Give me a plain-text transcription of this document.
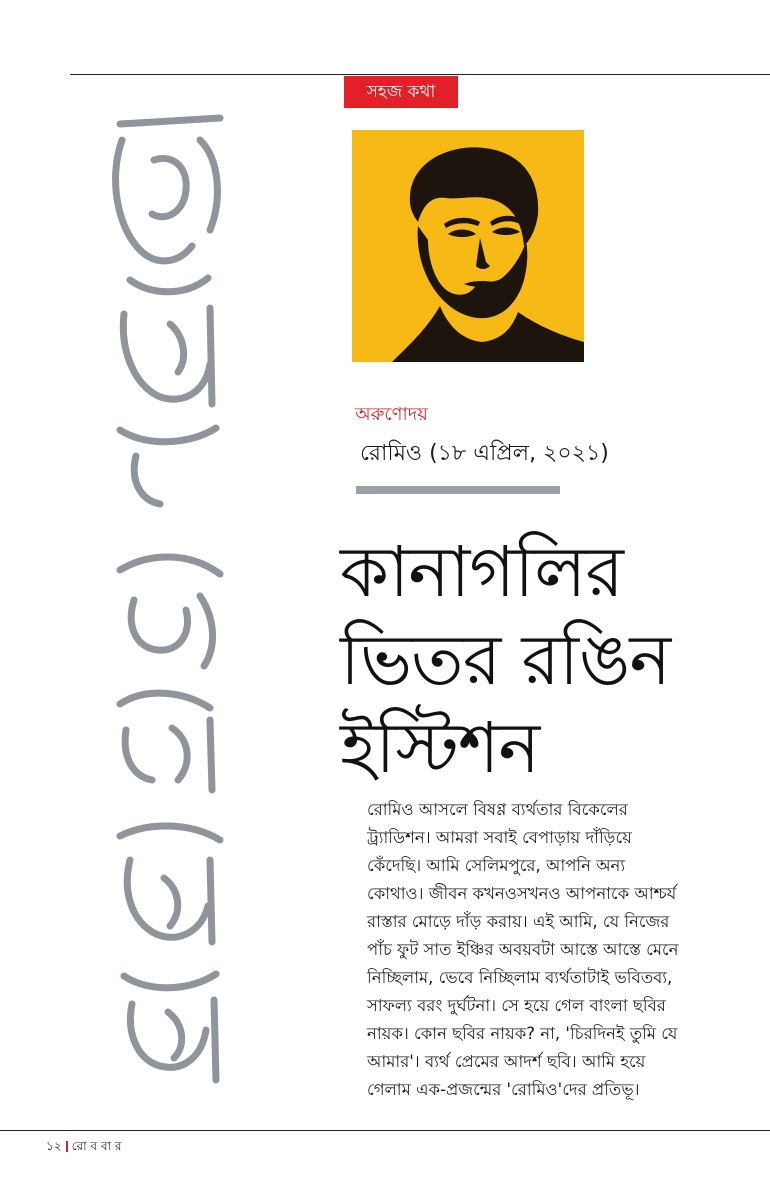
সহজ কথা
অরুণোদয়
রোমিও (১৮ এপ্রিল, ২০২১)
কানাগলির
ভিতর রঙিন
ইস্টিশন
রোমিও আসলে বিষণ্ণ ব্যর্থতার বিকেলের
ট্র্যাডিশন। আমরা সবাই বেপাড়ায় দাঁড়িয়ে
কেঁদেছি। আমি সেলিমপুরে, আপনি অন্য
কোথাও। জীবন কখনওসখনও আপনাকে আশ্চর্য
রাস্তার মোড়ে দাঁড় করায়। এই আমি, যে নিজের
পাঁচ ফুট সাত ইঞ্চির অবয়বটা আস্তে আস্তে মেনে
নিচ্ছিলাম, ভেবে নিচ্ছিলাম ব্যর্থতাটাই ভবিতব্য,
সাফল্য বরং দুর্ঘটনা। সে হয়ে গেল বাংলা ছবির
নায়ক। কোন ছবির নায়ক? না, 'চিরদিনই তুমি যে
আমার'। ব্যর্থ প্রেমের আদর্শ ছবি। আমি হয়ে
গেলাম এক-প্রজন্মের 'রোমিও'দের প্রতিভূ।
১২ রো ব বা র
